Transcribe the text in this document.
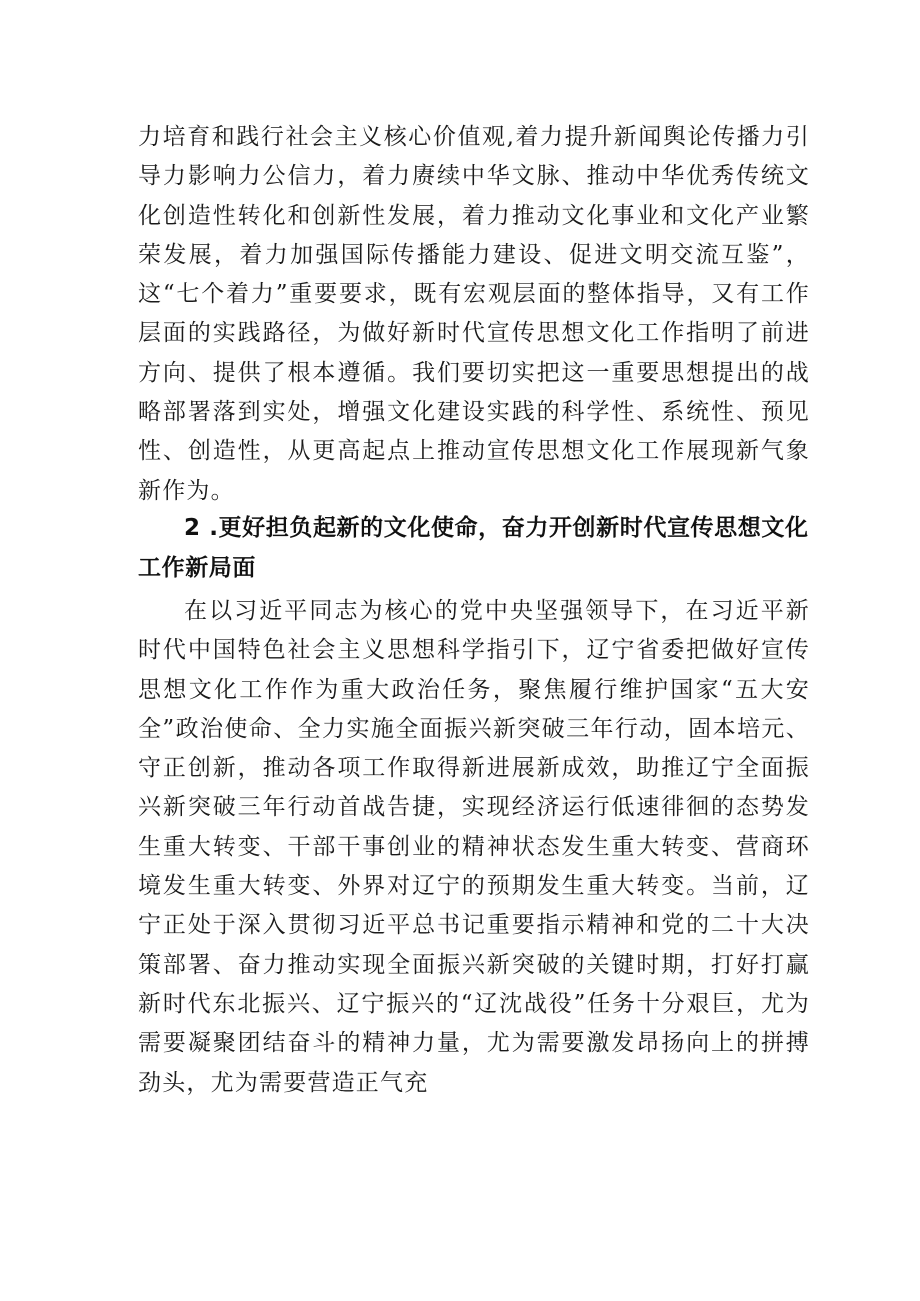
力培育和践行社会主义核心价值观,着力提升新闻舆论传播力引导力影响力公信力，着力赓续中华文脉、推动中华优秀传统文化创造性转化和创新性发展，着力推动文化事业和文化产业繁荣发展，着力加强国际传播能力建设、促进文明交流互鉴”，这“七个着力”重要要求，既有宏观层面的整体指导，又有工作层面的实践路径，为做好新时代宣传思想文化工作指明了前进方向、提供了根本遵循。我们要切实把这一重要思想提出的战略部署落到实处，增强文化建设实践的科学性、系统性、预见性、创造性，从更高起点上推动宣传思想文化工作展现新气象新作为。

2 .更好担负起新的文化使命，奋力开创新时代宣传思想文化工作新局面

在以习近平同志为核心的党中央坚强领导下，在习近平新时代中国特色社会主义思想科学指引下，辽宁省委把做好宣传思想文化工作作为重大政治任务，聚焦履行维护国家“五大安全”政治使命、全力实施全面振兴新突破三年行动，固本培元、守正创新，推动各项工作取得新进展新成效，助推辽宁全面振兴新突破三年行动首战告捷，实现经济运行低速徘徊的态势发生重大转变、干部干事创业的精神状态发生重大转变、营商环境发生重大转变、外界对辽宁的预期发生重大转变。当前，辽宁正处于深入贯彻习近平总书记重要指示精神和党的二十大决策部署、奋力推动实现全面振兴新突破的关键时期，打好打赢新时代东北振兴、辽宁振兴的“辽沈战役”任务十分艰巨，尤为需要凝聚团结奋斗的精神力量，尤为需要激发昂扬向上的拼搏劲头，尤为需要营造正气充
